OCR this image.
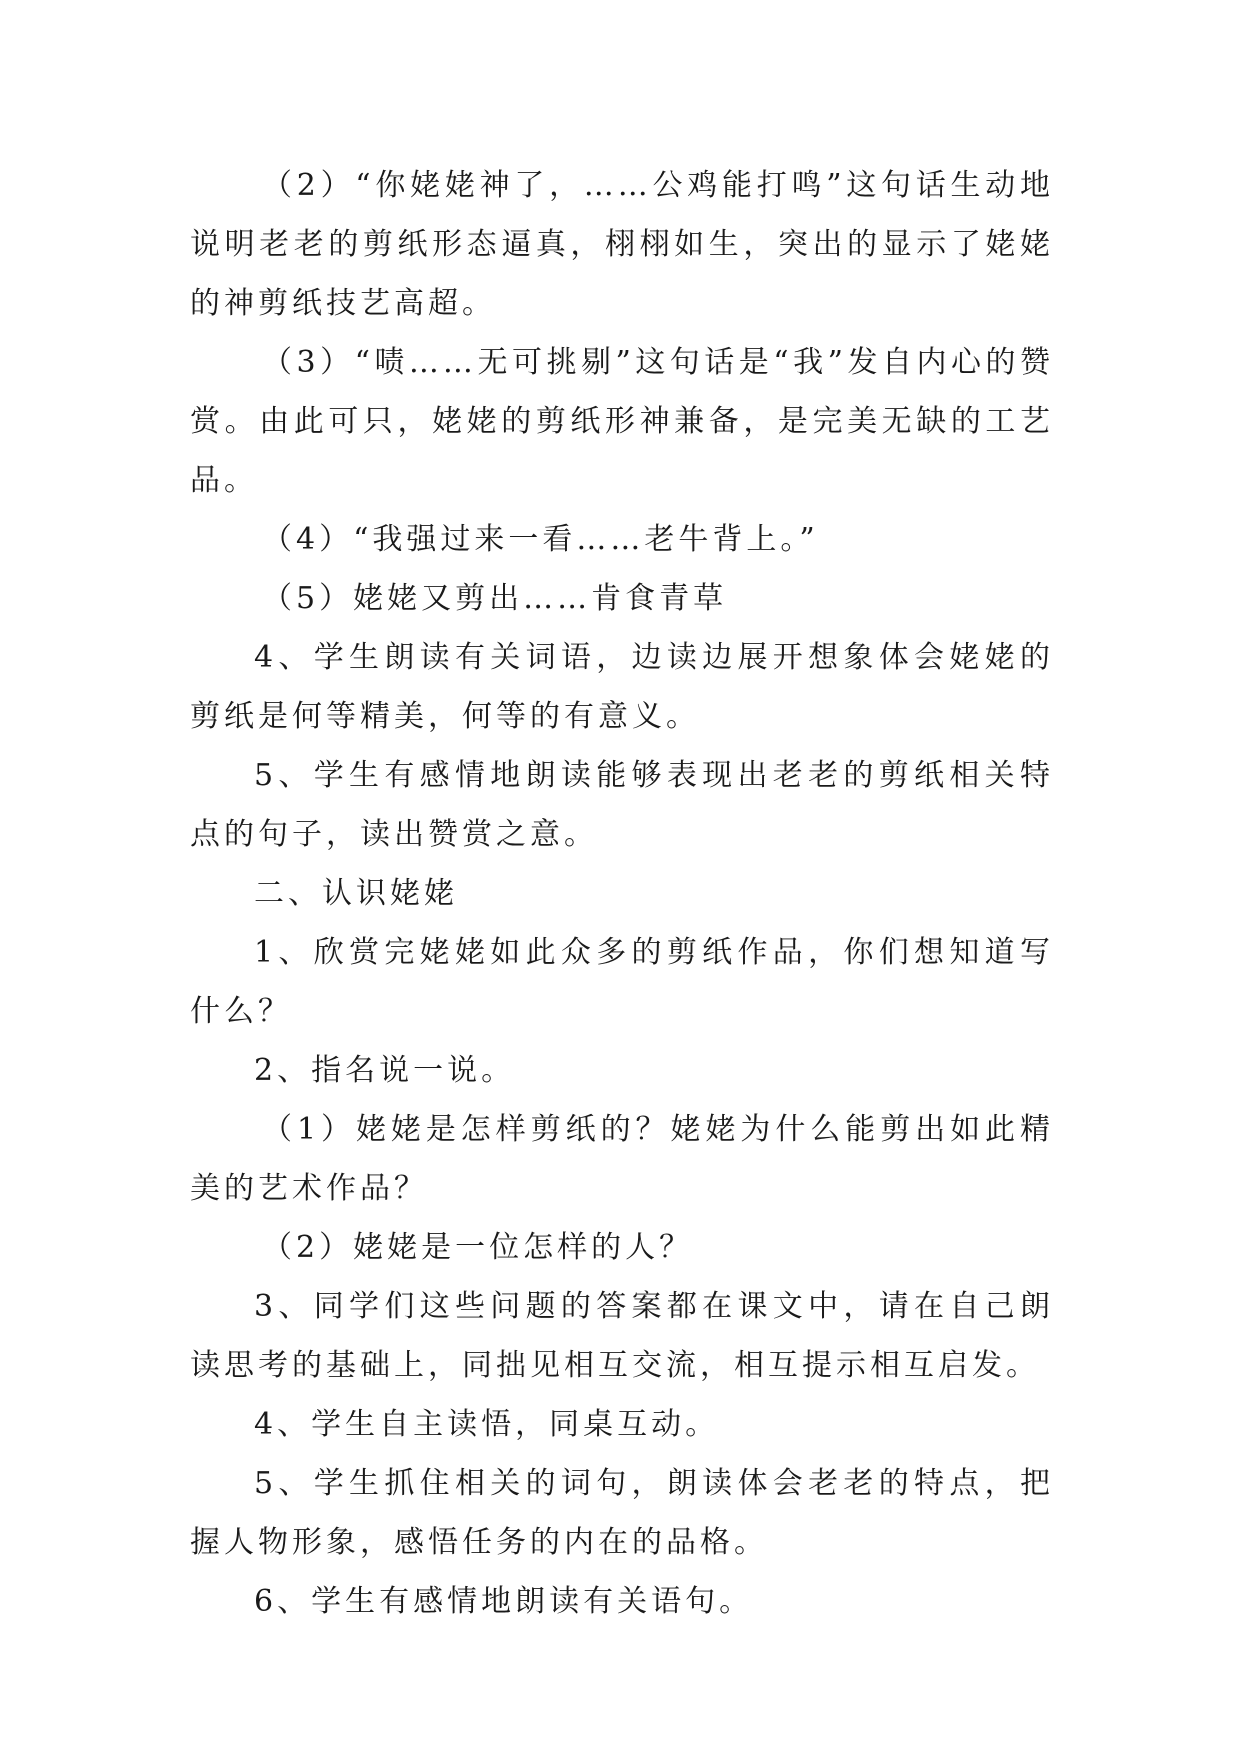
（2）“你姥姥神了，……公鸡能打鸣”这句话生动地说明老老的剪纸形态逼真，栩栩如生，突出的显示了姥姥的神剪纸技艺高超。

（3）“啧……无可挑剔”这句话是“我”发自内心的赞赏。由此可只，姥姥的剪纸形神兼备，是完美无缺的工艺品。

（4）“我强过来一看……老牛背上。”

（5）姥姥又剪出……肯食青草

4、学生朗读有关词语，边读边展开想象体会姥姥的剪纸是何等精美，何等的有意义。

5、学生有感情地朗读能够表现出老老的剪纸相关特点的句子，读出赞赏之意。

二、认识姥姥

1、欣赏完姥姥如此众多的剪纸作品，你们想知道写什么？

2、指名说一说。

（1）姥姥是怎样剪纸的？姥姥为什么能剪出如此精美的艺术作品？

（2）姥姥是一位怎样的人？

3、同学们这些问题的答案都在课文中，请在自己朗读思考的基础上，同拙见相互交流，相互提示相互启发。

4、学生自主读悟，同桌互动。

5、学生抓住相关的词句，朗读体会老老的特点，把握人物形象，感悟任务的内在的品格。

6、学生有感情地朗读有关语句。
